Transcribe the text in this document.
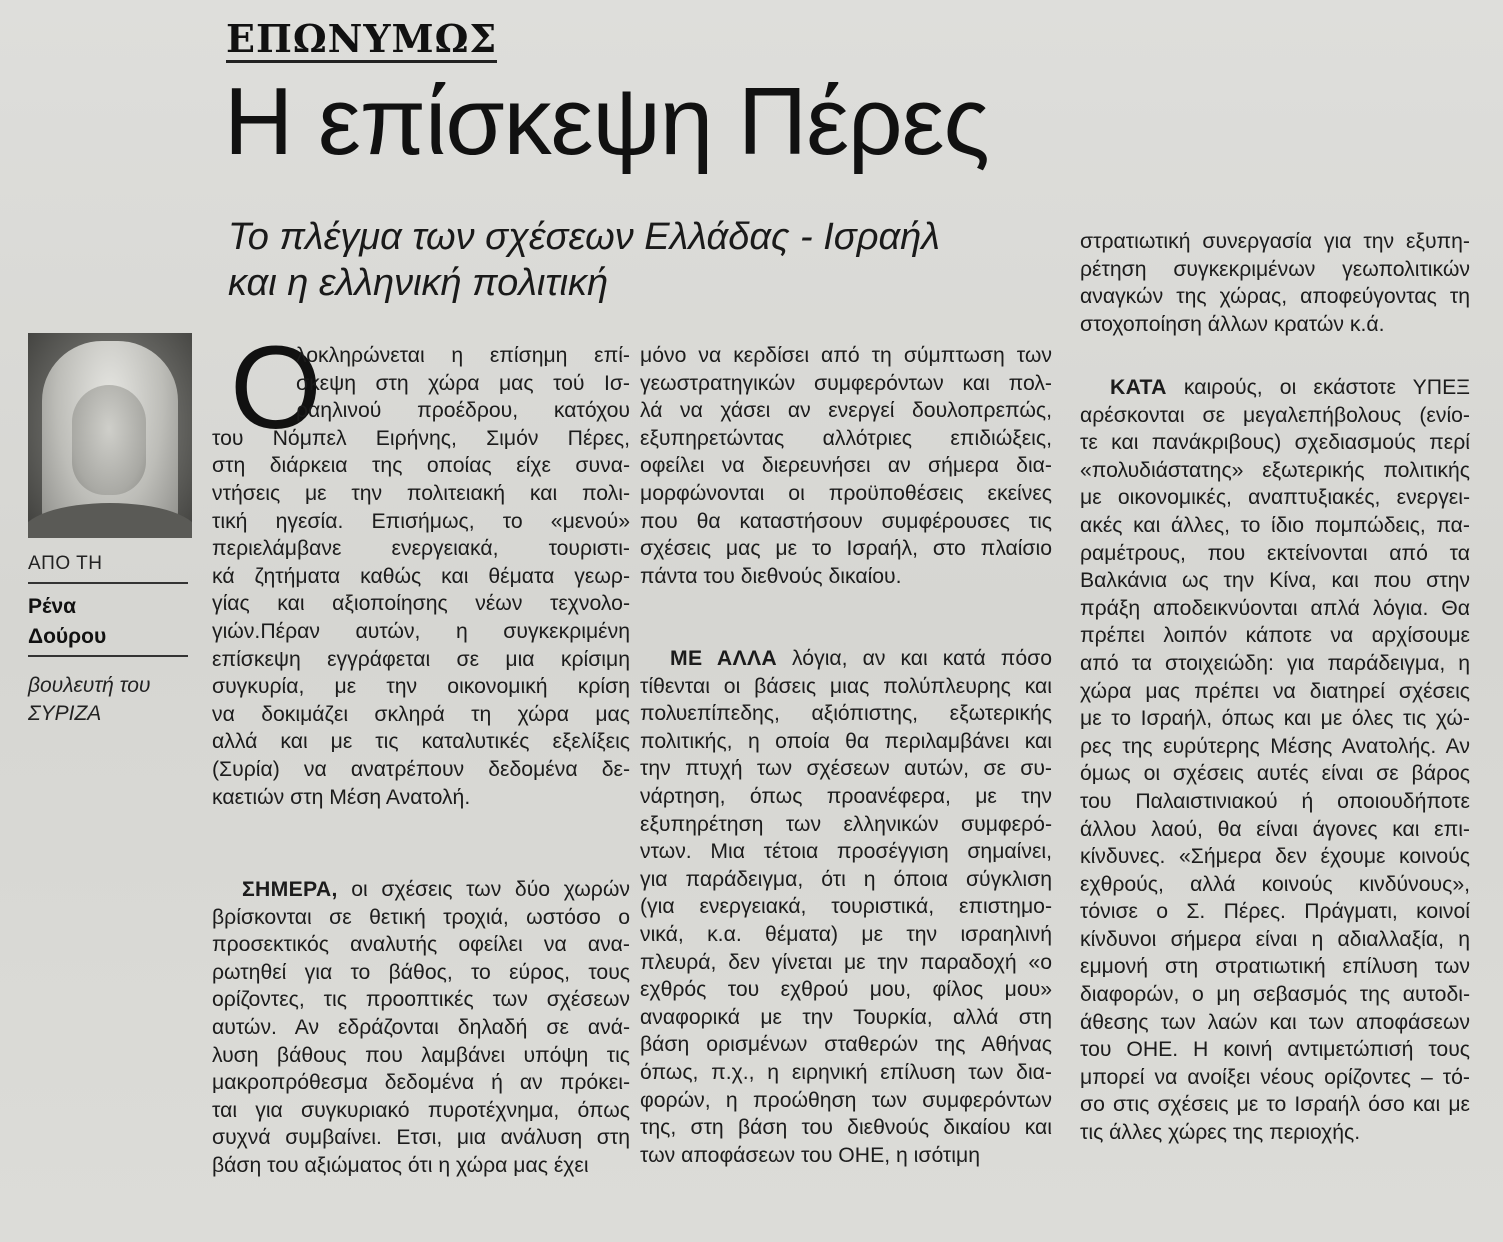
ΕΠΩΝΥΜΩΣ
Η επίσκεψη Πέρες
Το πλέγμα των σχέσεων Ελλάδας - Ισραήλ
και η ελληνική πολιτική
ΑΠΟ ΤΗ
Ρένα
Δούρου
βουλευτή του
ΣΥΡΙΖΑ
Ο
λοκληρώνεται η επίσημη επί-
σκεψη στη χώρα μας τού Ισ-
ραηλινού προέδρου, κατόχου
του Νόμπελ Ειρήνης, Σιμόν Πέρες,
στη διάρκεια της οποίας είχε συνα-
ντήσεις με την πολιτειακή και πολι-
τική ηγεσία. Επισήμως, το «μενού»
περιελάμβανε ενεργειακά, τουριστι-
κά ζητήματα καθώς και θέματα γεωρ-
γίας και αξιοποίησης νέων τεχνολο-
γιών.Πέραν αυτών, η συγκεκριμένη
επίσκεψη εγγράφεται σε μια κρίσιμη
συγκυρία, με την οικονομική κρίση
να δοκιμάζει σκληρά τη χώρα μας
αλλά και με τις καταλυτικές εξελίξεις
(Συρία) να ανατρέπουν δεδομένα δε-
καετιών στη Μέση Ανατολή.
ΣΗΜΕΡΑ, οι σχέσεις των δύο χωρών
βρίσκονται σε θετική τροχιά, ωστόσο ο
προσεκτικός αναλυτής οφείλει να ανα-
ρωτηθεί για το βάθος, το εύρος, τους
ορίζοντες, τις προοπτικές των σχέσεων
αυτών. Αν εδράζονται δηλαδή σε ανά-
λυση βάθους που λαμβάνει υπόψη τις
μακροπρόθεσμα δεδομένα ή αν πρόκει-
ται για συγκυριακό πυροτέχνημα, όπως
συχνά συμβαίνει. Ετσι, μια ανάλυση στη
βάση του αξιώματος ότι η χώρα μας έχει
μόνο να κερδίσει από τη σύμπτωση των
γεωστρατηγικών συμφερόντων και πολ-
λά να χάσει αν ενεργεί δουλοπρεπώς,
εξυπηρετώντας αλλότριες επιδιώξεις,
οφείλει να διερευνήσει αν σήμερα δια-
μορφώνονται οι προϋποθέσεις εκείνες
που θα καταστήσουν συμφέρουσες τις
σχέσεις μας με το Ισραήλ, στο πλαίσιο
πάντα του διεθνούς δικαίου.
ΜΕ ΑΛΛΑ λόγια, αν και κατά πόσο
τίθενται οι βάσεις μιας πολύπλευρης και
πολυεπίπεδης, αξιόπιστης, εξωτερικής
πολιτικής, η οποία θα περιλαμβάνει και
την πτυχή των σχέσεων αυτών, σε συ-
νάρτηση, όπως προανέφερα, με την
εξυπηρέτηση των ελληνικών συμφερό-
ντων. Μια τέτοια προσέγγιση σημαίνει,
για παράδειγμα, ότι η όποια σύγκλιση
(για ενεργειακά, τουριστικά, επιστημο-
νικά, κ.α. θέματα) με την ισραηλινή
πλευρά, δεν γίνεται με την παραδοχή «ο
εχθρός του εχθρού μου, φίλος μου»
αναφορικά με την Τουρκία, αλλά στη
βάση ορισμένων σταθερών της Αθήνας
όπως, π.χ., η ειρηνική επίλυση των δια-
φορών, η προώθηση των συμφερόντων
της, στη βάση του διεθνούς δικαίου και
των αποφάσεων του ΟΗΕ, η ισότιμη
στρατιωτική συνεργασία για την εξυπη-
ρέτηση συγκεκριμένων γεωπολιτικών
αναγκών της χώρας, αποφεύγοντας τη
στοχοποίηση άλλων κρατών κ.ά.
ΚΑΤΑ καιρούς, οι εκάστοτε ΥΠΕΞ
αρέσκονται σε μεγαλεπήβολους (ενίο-
τε και πανάκριβους) σχεδιασμούς περί
«πολυδιάστατης» εξωτερικής πολιτικής
με οικονομικές, αναπτυξιακές, ενεργει-
ακές και άλλες, το ίδιο πομπώδεις, πα-
ραμέτρους, που εκτείνονται από τα
Βαλκάνια ως την Κίνα, και που στην
πράξη αποδεικνύονται απλά λόγια. Θα
πρέπει λοιπόν κάποτε να αρχίσουμε
από τα στοιχειώδη: για παράδειγμα, η
χώρα μας πρέπει να διατηρεί σχέσεις
με το Ισραήλ, όπως και με όλες τις χώ-
ρες της ευρύτερης Μέσης Ανατολής. Αν
όμως οι σχέσεις αυτές είναι σε βάρος
του Παλαιστινιακού ή οποιουδήποτε
άλλου λαού, θα είναι άγονες και επι-
κίνδυνες. «Σήμερα δεν έχουμε κοινούς
εχθρούς, αλλά κοινούς κινδύνους»,
τόνισε ο Σ. Πέρες. Πράγματι, κοινοί
κίνδυνοι σήμερα είναι η αδιαλλαξία, η
εμμονή στη στρατιωτική επίλυση των
διαφορών, ο μη σεβασμός της αυτοδι-
άθεσης των λαών και των αποφάσεων
του ΟΗΕ. Η κοινή αντιμετώπισή τους
μπορεί να ανοίξει νέους ορίζοντες – τό-
σο στις σχέσεις με το Ισραήλ όσο και με
τις άλλες χώρες της περιοχής.
